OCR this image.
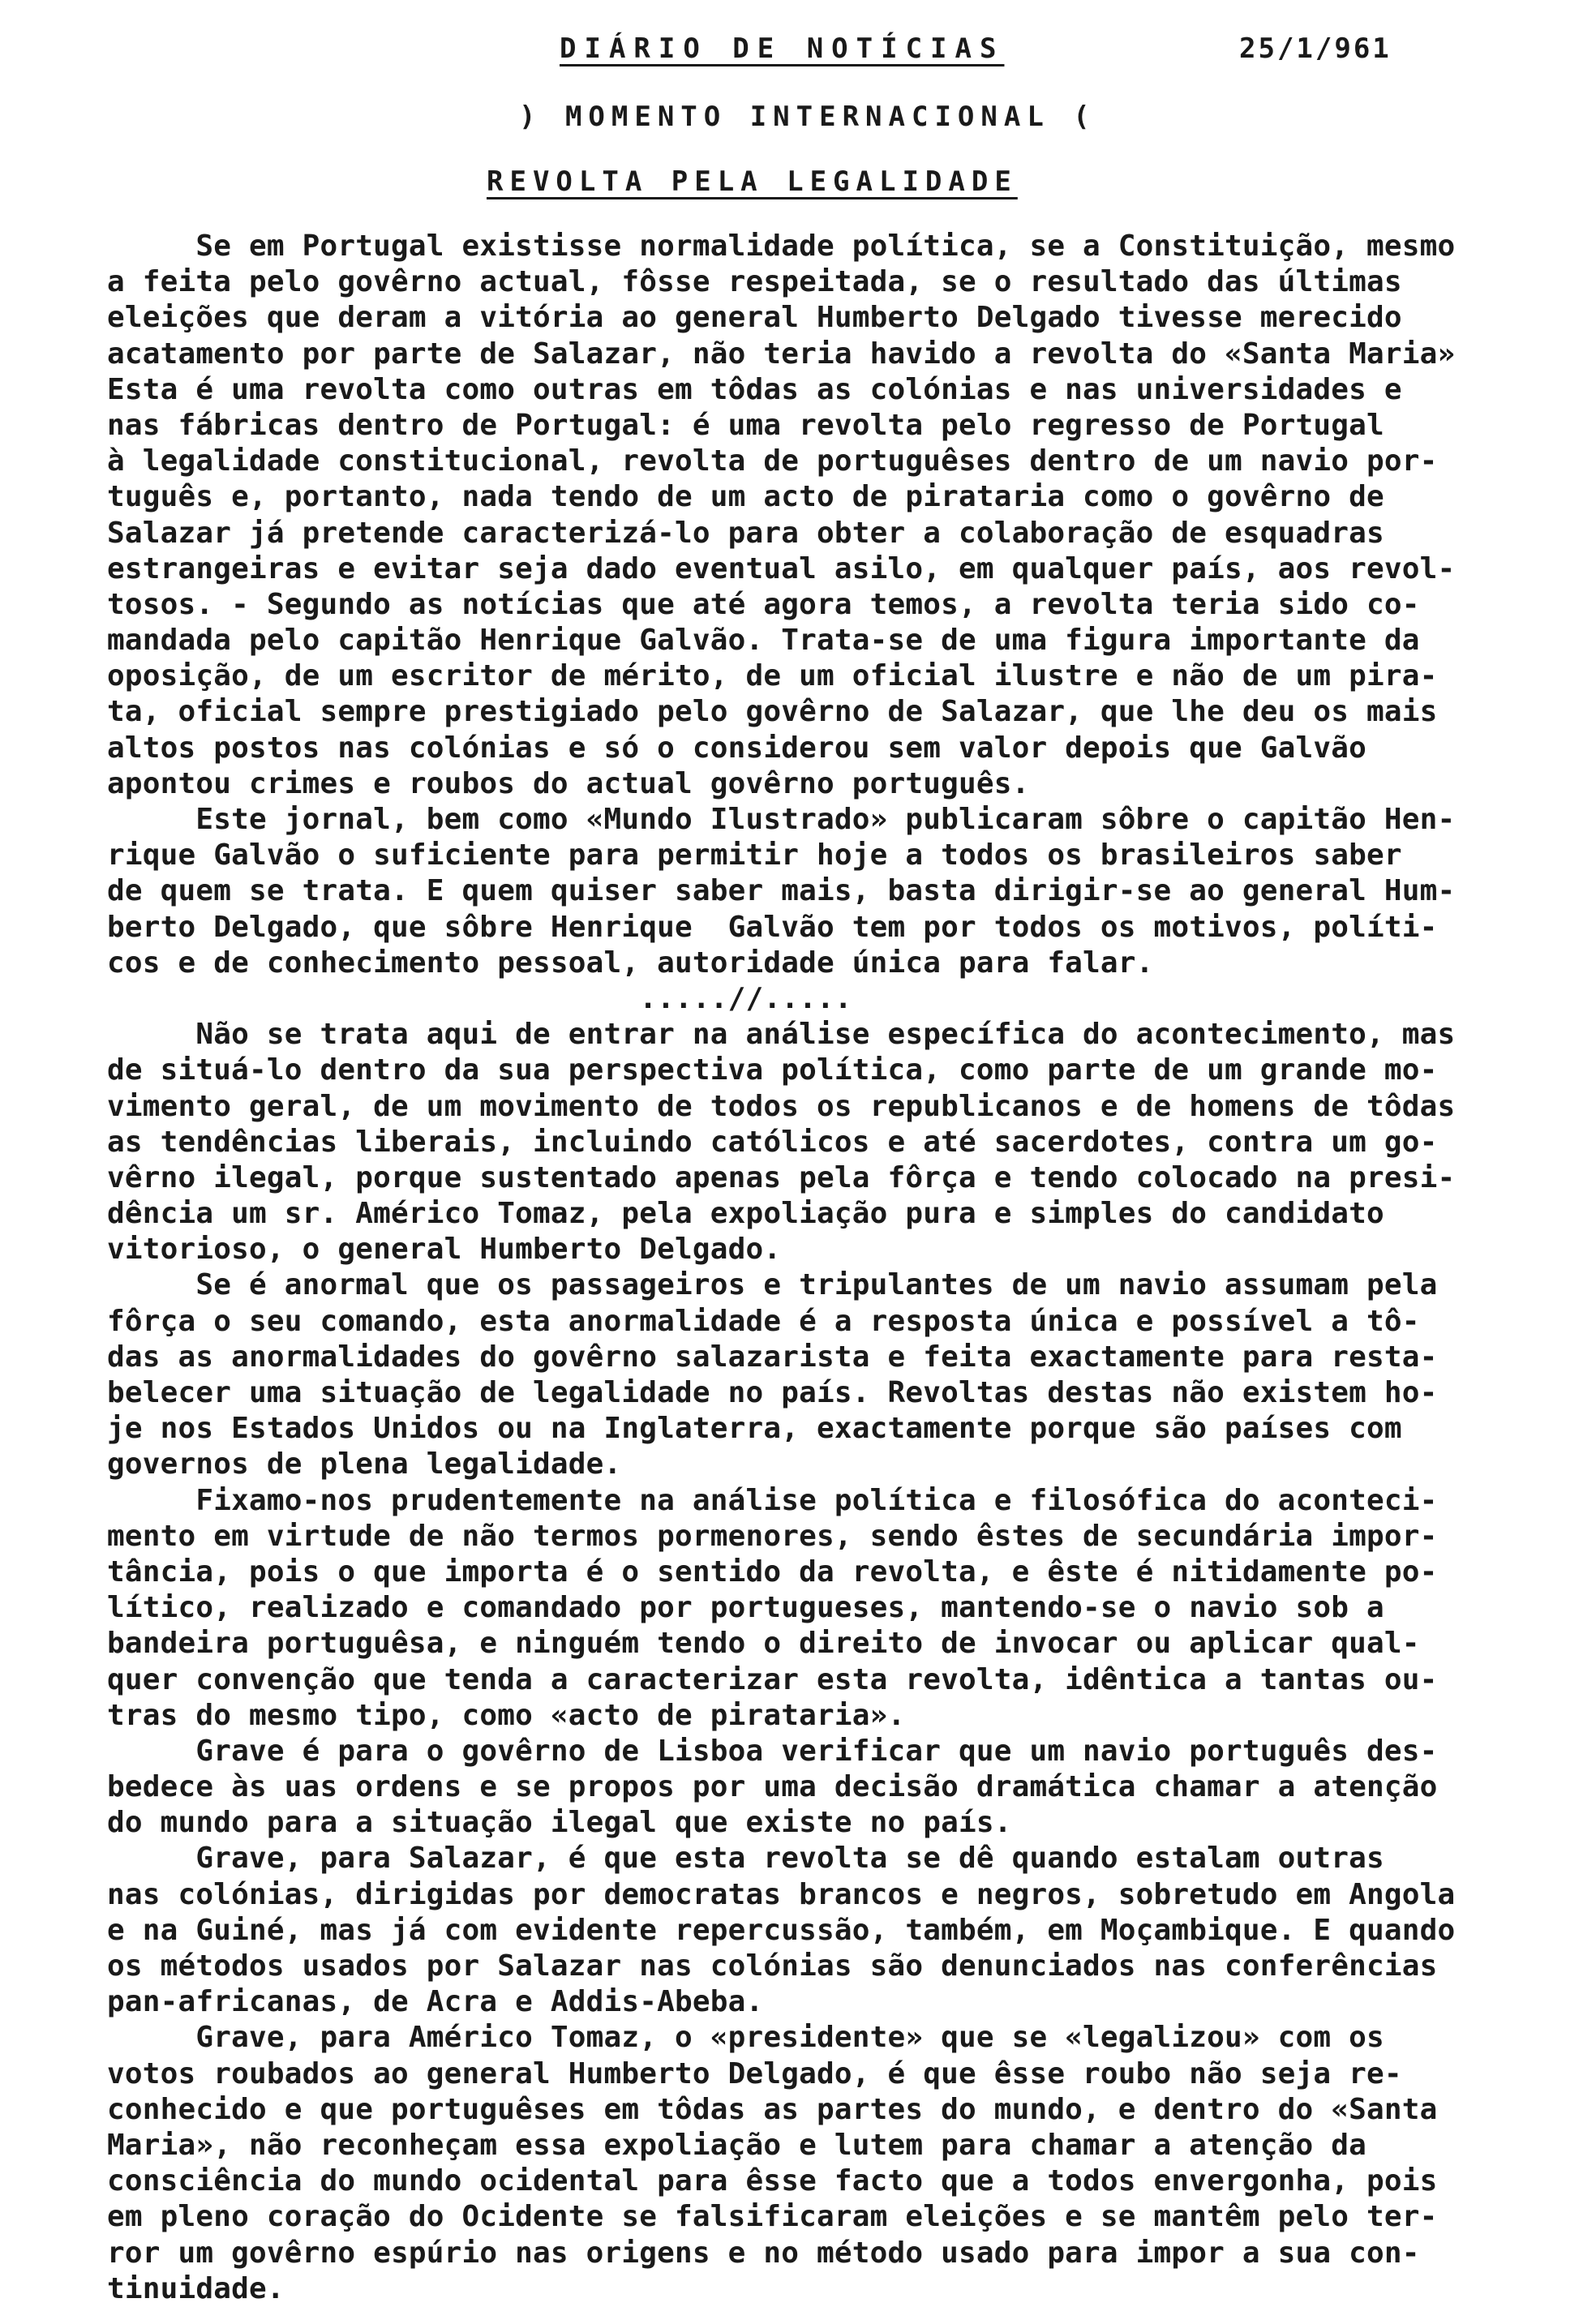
DIÁRIO DE NOTÍCIAS	25/1/961
) MOMENTO INTERNACIONAL (
REVOLTA PELA LEGALIDADE
Se em Portugal existisse normalidade política, se a Constituição, mesmo
a feita pelo govêrno actual, fôsse respeitada, se o resultado das últimas
eleições que deram a vitória ao general Humberto Delgado tivesse merecido
acatamento por parte de Salazar, não teria havido a revolta do «Santa Maria»
Esta é uma revolta como outras em tôdas as colónias e nas universidades e
nas fábricas dentro de Portugal: é uma revolta pelo regresso de Portugal
à legalidade constitucional, revolta de portuguêses dentro de um navio por-
tuguês e, portanto, nada tendo de um acto de pirataria como o govêrno de
Salazar já pretende caracterizá-lo para obter a colaboração de esquadras
estrangeiras e evitar seja dado eventual asilo, em qualquer país, aos revol-
tosos. - Segundo as notícias que até agora temos, a revolta teria sido co-
mandada pelo capitão Henrique Galvão. Trata-se de uma figura importante da
oposição, de um escritor de mérito, de um oficial ilustre e não de um pira-
ta, oficial sempre prestigiado pelo govêrno de Salazar, que lhe deu os mais
altos postos nas colónias e só o considerou sem valor depois que Galvão
apontou crimes e roubos do actual govêrno português.
Este jornal, bem como «Mundo Ilustrado» publicaram sôbre o capitão Hen-
rique Galvão o suficiente para permitir hoje a todos os brasileiros saber
de quem se trata. E quem quiser saber mais, basta dirigir-se ao general Hum-
berto Delgado, que sôbre Henrique  Galvão tem por todos os motivos, políti-
cos e de conhecimento pessoal, autoridade única para falar.
.....//.....
Não se trata aqui de entrar na análise específica do acontecimento, mas
de situá-lo dentro da sua perspectiva política, como parte de um grande mo-
vimento geral, de um movimento de todos os republicanos e de homens de tôdas
as tendências liberais, incluindo católicos e até sacerdotes, contra um go-
vêrno ilegal, porque sustentado apenas pela fôrça e tendo colocado na presi-
dência um sr. Américo Tomaz, pela expoliação pura e simples do candidato
vitorioso, o general Humberto Delgado.
Se é anormal que os passageiros e tripulantes de um navio assumam pela
fôrça o seu comando, esta anormalidade é a resposta única e possível a tô-
das as anormalidades do govêrno salazarista e feita exactamente para resta-
belecer uma situação de legalidade no país. Revoltas destas não existem ho-
je nos Estados Unidos ou na Inglaterra, exactamente porque são países com
governos de plena legalidade.
Fixamo-nos prudentemente na análise política e filosófica do aconteci-
mento em virtude de não termos pormenores, sendo êstes de secundária impor-
tância, pois o que importa é o sentido da revolta, e êste é nitidamente po-
lítico, realizado e comandado por portugueses, mantendo-se o navio sob a
bandeira portuguêsa, e ninguém tendo o direito de invocar ou aplicar qual-
quer convenção que tenda a caracterizar esta revolta, idêntica a tantas ou-
tras do mesmo tipo, como «acto de pirataria».
Grave é para o govêrno de Lisboa verificar que um navio português des-
bedece às uas ordens e se propos por uma decisão dramática chamar a atenção
do mundo para a situação ilegal que existe no país.
Grave, para Salazar, é que esta revolta se dê quando estalam outras
nas colónias, dirigidas por democratas brancos e negros, sobretudo em Angola
e na Guiné, mas já com evidente repercussão, também, em Moçambique. E quando
os métodos usados por Salazar nas colónias são denunciados nas conferências
pan-africanas, de Acra e Addis-Abeba.
Grave, para Américo Tomaz, o «presidente» que se «legalizou» com os
votos roubados ao general Humberto Delgado, é que êsse roubo não seja re-
conhecido e que portuguêses em tôdas as partes do mundo, e dentro do «Santa
Maria», não reconheçam essa expoliação e lutem para chamar a atenção da
consciência do mundo ocidental para êsse facto que a todos envergonha, pois
em pleno coração do Ocidente se falsificaram eleições e se mantêm pelo ter-
ror um govêrno espúrio nas origens e no método usado para impor a sua con-
tinuidade.
